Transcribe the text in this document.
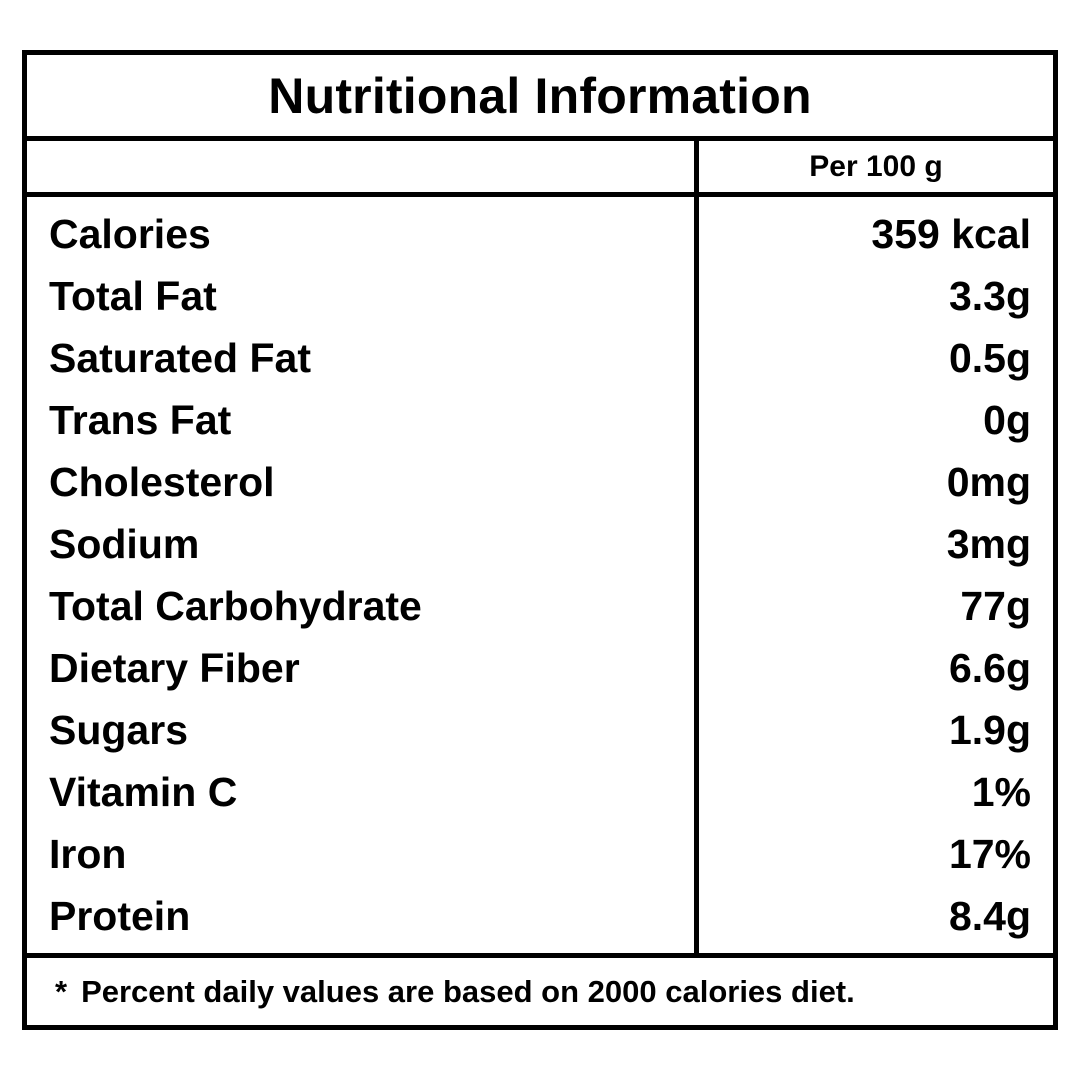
Nutritional Information
Per 100 g
Calories
Total Fat
Saturated Fat
Trans Fat
Cholesterol
Sodium
Total Carbohydrate
Dietary Fiber
Sugars
Vitamin C
Iron
Protein
359 kcal
3.3g
0.5g
0g
0mg
3mg
77g
6.6g
1.9g
1%
17%
8.4g
* Percent daily values are based on 2000 calories diet.
